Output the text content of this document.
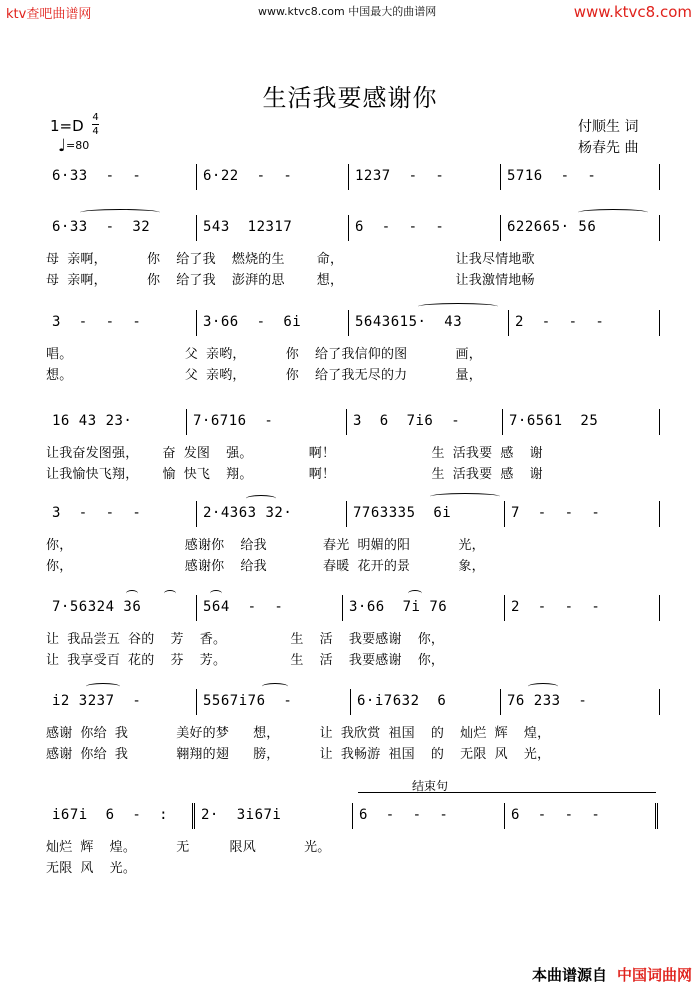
ktv查吧曲谱网	www.ktvc8.com 中国最大的曲谱网	www.ktvc8.com
生活我要感谢你
1=D 4
4
♩=80
付顺生 词
杨春先 曲
6·33  -  -	6·22  -  -	1237  -  -	5716  -  -
6·33  -  32	543  12317	6  -  -  -	622665· 56
母 亲啊，     你  给了我  燃烧的生    命，              让我尽情地歌
母 亲啊，     你  给了我  澎湃的思    想，              让我激情地畅
3  -  -  -	3·66  -  6i	5643615·  43	2  -  -  -
唱。              父 亲哟，     你  给了我信仰的图      画，
想。              父 亲哟，     你  给了我无尽的力      量，
16 43 23·	7·6716  -	3  6  7i6  -	7·6561  25
让我奋发图强，   奋 发图  强。       啊！            生 活我要 感  谢
让我愉快飞翔，   愉 快飞  翔。       啊！            生 活我要 感  谢
3  -  -  -	2·4363 32·	7763335  6i	7  -  -  -
你，              感谢你  给我       春光 明媚的阳      光，
你，              感谢你  给我       春暖 花开的景      象，
7·56324 36	564  -  -	3·66  7i 76	2  -  -  -
让 我品尝五 谷的  芳  香。        生  活  我要感谢  你，
让 我享受百 花的  芬  芳。        生  活  我要感谢  你，
i2 3237  -	5567i76  -	6·i7632  6	76 233  -
感谢 你给 我      美好的梦   想，     让 我欣赏 祖国  的  灿烂 辉  煌，
感谢 你给 我      翱翔的翅   膀，     让 我畅游 祖国  的  无限 风  光，
结束句
i67i  6  -  : 2·  3i67i	6  -  -  -	6  -  -  -
灿烂 辉  煌。     无     限风      光。
无限 风  光。
本曲谱源自 中国词曲网
